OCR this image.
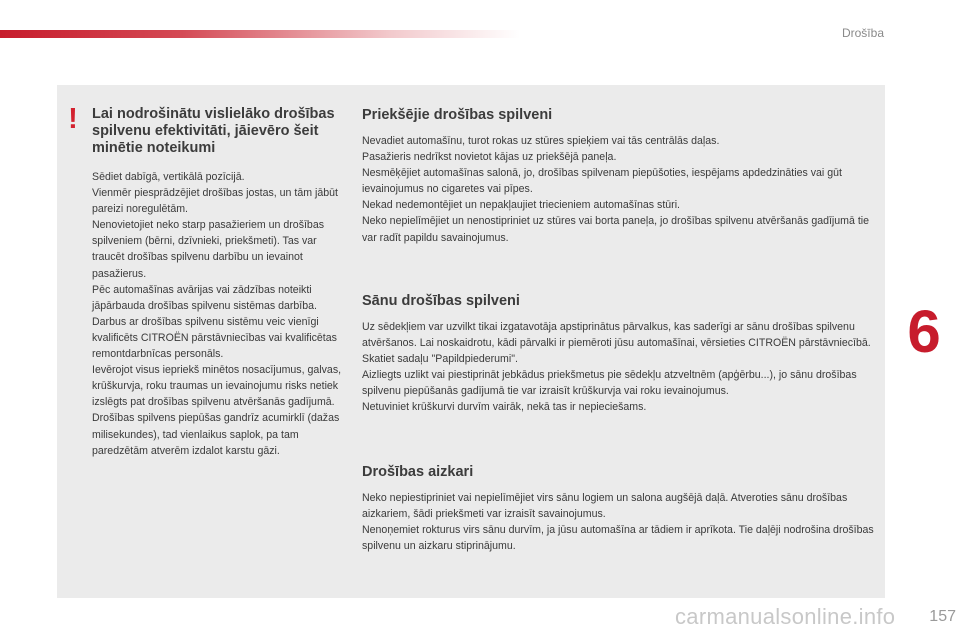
Drošība
! Lai nodrošinātu vislielāko drošības spilvenu efektivitāti, jāievēro šeit minētie noteikumi

Sēdiet dabīgā, vertikālā pozīcijā.
Vienmēr piesprādzējiet drošības jostas, un tām jābūt pareizi noregulētām.
Nenovietojiet neko starp pasažieriem un drošības spilveniem (bērni, dzīvnieki, priekšmeti). Tas var traucēt drošības spilvenu darbību un ievainot pasažierus.
Pēc automašīnas avārijas vai zādzības noteikti jāpārbauda drošības spilvenu sistēmas darbība.
Darbus ar drošības spilvenu sistēmu veic vienīgi kvalificēts CITROËN pārstāvniecības vai kvalificētas remontdarbnīcas personāls.
Ievērojot visus iepriekš minētos nosacījumus, galvas, krūškurvja, roku traumas un ievainojumu risks netiek izslēgts pat drošības spilvenu atvēršanās gadījumā. Drošības spilvens piepūšas gandrīz acumirklī (dažas milisekundes), tad vienlaikus saplok, pa tam paredzētām atverēm izdalot karstu gāzi.

Priekšējie drošības spilveni

Nevadiet automašīnu, turot rokas uz stūres spieķiem vai tās centrālās daļas.
Pasažieris nedrīkst novietot kājas uz priekšējā paneļa.
Nesmēķējiet automašīnas salonā, jo, drošības spilvenam piepūšoties, iespējams apdedzināties vai gūt ievainojumus no cigaretes vai pīpes.
Nekad nedemontējiet un nepakļaujiet triecieniem automašīnas stūri.
Neko nepielīmējiet un nenostipriniet uz stūres vai borta paneļa, jo drošības spilvenu atvēršanās gadījumā tie var radīt papildu savainojumus.

Sānu drošības spilveni

Uz sēdekļiem var uzvilkt tikai izgatavotāja apstiprinātus pārvalkus, kas saderīgi ar sānu drošības spilvenu atvēršanos. Lai noskaidrotu, kādi pārvalki ir piemēroti jūsu automašīnai, vērsieties CITROËN pārstāvniecībā.
Skatiet sadaļu "Papildpiederumi".
Aizliegts uzlikt vai piestiprināt jebkādus priekšmetus pie sēdekļu atzveltnēm (apģērbu...), jo sānu drošības spilvenu piepūšanās gadījumā tie var izraisīt krūškurvja vai roku ievainojumus.
Netuviniet krūškurvi durvīm vairāk, nekā tas ir nepieciešams.

Drošības aizkari

Neko nepiestipriniet vai nepielīmējiet virs sānu logiem un salona augšējā daļā. Atveroties sānu drošības aizkariem, šādi priekšmeti var izraisīt savainojumus.
Nenoņemiet rokturus virs sānu durvīm, ja jūsu automašīna ar tādiem ir aprīkota. Tie daļēji nodrošina drošības spilvenu un aizkaru stiprinājumu.

6
carmanualsonline.info 157
